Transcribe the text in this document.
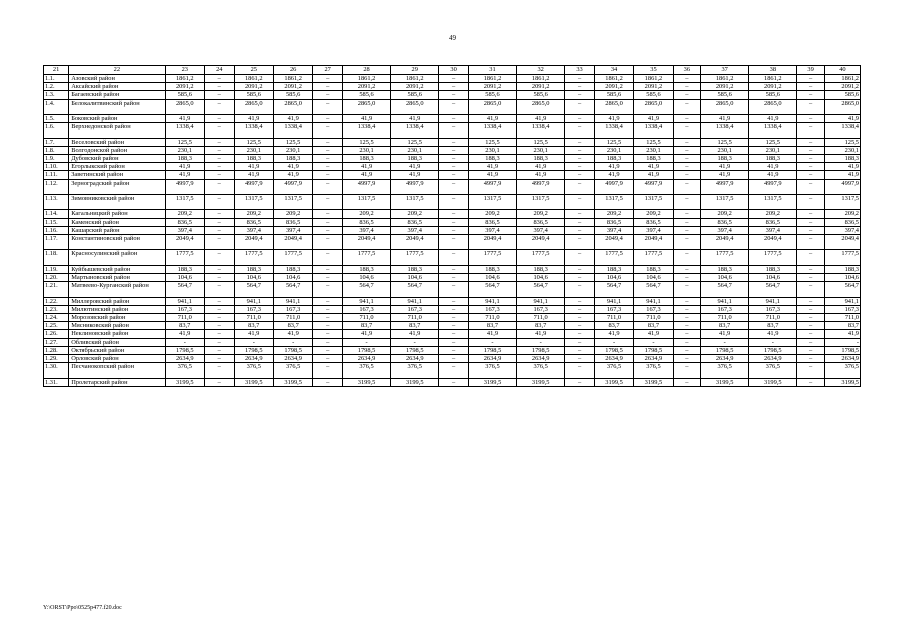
49
21	22	23	24	25	26	27	28	29	30	31	32	33	34	35	36	37	38	39	40
1.1.	Азовский район	1861,2	–	1861,2	1861,2	–	1861,2	1861,2	–	1861,2	1861,2	–	1861,2	1861,2	–	1861,2	1861,2	–	1861,2
1.2.	Аксайский район	2091,2	–	2091,2	2091,2	–	2091,2	2091,2	–	2091,2	2091,2	–	2091,2	2091,2	–	2091,2	2091,2	–	2091,2
1.3.	Багаевский район	585,6	–	585,6	585,6	–	585,6	585,6	–	585,6	585,6	–	585,6	585,6	–	585,6	585,6	–	585,6
1.4.	Белокалитвинский район	2865,0	–	2865,0	2865,0	–	2865,0	2865,0	–	2865,0	2865,0	–	2865,0	2865,0	–	2865,0	2865,0	–	2865,0
1.5.	Боковский район	41,9	–	41,9	41,9	–	41,9	41,9	–	41,9	41,9	–	41,9	41,9	–	41,9	41,9	–	41,9
1.6.	Верхнедонской район	1338,4	–	1338,4	1338,4	–	1338,4	1338,4	–	1338,4	1338,4	–	1338,4	1338,4	–	1338,4	1338,4	–	1338,4
1.7.	Веселовский район	125,5	–	125,5	125,5	–	125,5	125,5	–	125,5	125,5	–	125,5	125,5	–	125,5	125,5	–	125,5
1.8.	Волгодонской район	230,1	–	230,1	230,1	–	230,1	230,1	–	230,1	230,1	–	230,1	230,1	–	230,1	230,1	–	230,1
1.9.	Дубовский район	188,3	–	188,3	188,3	–	188,3	188,3	–	188,3	188,3	–	188,3	188,3	–	188,3	188,3	–	188,3
1.10.	Егорлыкский район	41,9	–	41,9	41,9	–	41,9	41,9	–	41,9	41,9	–	41,9	41,9	–	41,9	41,9	–	41,9
1.11.	Заветинский район	41,9	–	41,9	41,9	–	41,9	41,9	–	41,9	41,9	–	41,9	41,9	–	41,9	41,9	–	41,9
1.12.	Зерноградский район	4997,9	–	4997,9	4997,9	–	4997,9	4997,9	–	4997,9	4997,9	–	4997,9	4997,9	–	4997,9	4997,9	–	4997,9
1.13.	Зимовниковский район	1317,5	–	1317,5	1317,5	–	1317,5	1317,5	–	1317,5	1317,5	–	1317,5	1317,5	–	1317,5	1317,5	–	1317,5
1.14.	Кагальницкий район	209,2	–	209,2	209,2	–	209,2	209,2	–	209,2	209,2	–	209,2	209,2	–	209,2	209,2	–	209,2
1.15.	Каменский район	836,5	–	836,5	836,5	–	836,5	836,5	–	836,5	836,5	–	836,5	836,5	–	836,5	836,5	–	836,5
1.16.	Кашарский район	397,4	–	397,4	397,4	–	397,4	397,4	–	397,4	397,4	–	397,4	397,4	–	397,4	397,4	–	397,4
1.17.	Константиновский район	2049,4	–	2049,4	2049,4	–	2049,4	2049,4	–	2049,4	2049,4	–	2049,4	2049,4	–	2049,4	2049,4	–	2049,4
1.18.	Красносулинский район	1777,5	–	1777,5	1777,5	–	1777,5	1777,5	–	1777,5	1777,5	–	1777,5	1777,5	–	1777,5	1777,5	–	1777,5
1.19.	Куйбышевский район	188,3	–	188,3	188,3	–	188,3	188,3	–	188,3	188,3	–	188,3	188,3	–	188,3	188,3	–	188,3
1.20.	Мартыновский район	104,6	–	104,6	104,6	–	104,6	104,6	–	104,6	104,6	–	104,6	104,6	–	104,6	104,6	–	104,6
1.21.	Матвеево-Курганский район	564,7	–	564,7	564,7	–	564,7	564,7	–	564,7	564,7	–	564,7	564,7	–	564,7	564,7	–	564,7
1.22.	Миллеровский район	941,1	–	941,1	941,1	–	941,1	941,1	–	941,1	941,1	–	941,1	941,1	–	941,1	941,1	–	941,1
1.23.	Милютинский район	167,3	–	167,3	167,3	–	167,3	167,3	–	167,3	167,3	–	167,3	167,3	–	167,3	167,3	–	167,3
1.24.	Морозовский район	711,0	–	711,0	711,0	–	711,0	711,0	–	711,0	711,0	–	711,0	711,0	–	711,0	711,0	–	711,0
1.25.	Мясниковский район	83,7	–	83,7	83,7	–	83,7	83,7	–	83,7	83,7	–	83,7	83,7	–	83,7	83,7	–	83,7
1.26.	Неклиновский район	41,9	–	41,9	41,9	–	41,9	41,9	–	41,9	41,9	–	41,9	41,9	–	41,9	41,9	–	41,9
1.27.	Обливский район	-	–	-	-	–	-	-	–	-	-	–	-	-	–	-	-	–	-
1.28.	Октябрьский район	1798,5	–	1798,5	1798,5	–	1798,5	1798,5	–	1798,5	1798,5	–	1798,5	1798,5	–	1798,5	1798,5	–	1798,5
1.29.	Орловский район	2634,9	–	2634,9	2634,9	–	2634,9	2634,9	–	2634,9	2634,9	–	2634,9	2634,9	–	2634,9	2634,9	–	2634,9
1.30.	Песчанокопский район	376,5	–	376,5	376,5	–	376,5	376,5	–	376,5	376,5	–	376,5	376,5	–	376,5	376,5	–	376,5
1.31.	Пролетарский район	3199,5	–	3199,5	3199,5	–	3199,5	3199,5	–	3199,5	3199,5	–	3199,5	3199,5	–	3199,5	3199,5	–	3199,5
Y:\ORST\Ppo\0525p477.f20.doc
